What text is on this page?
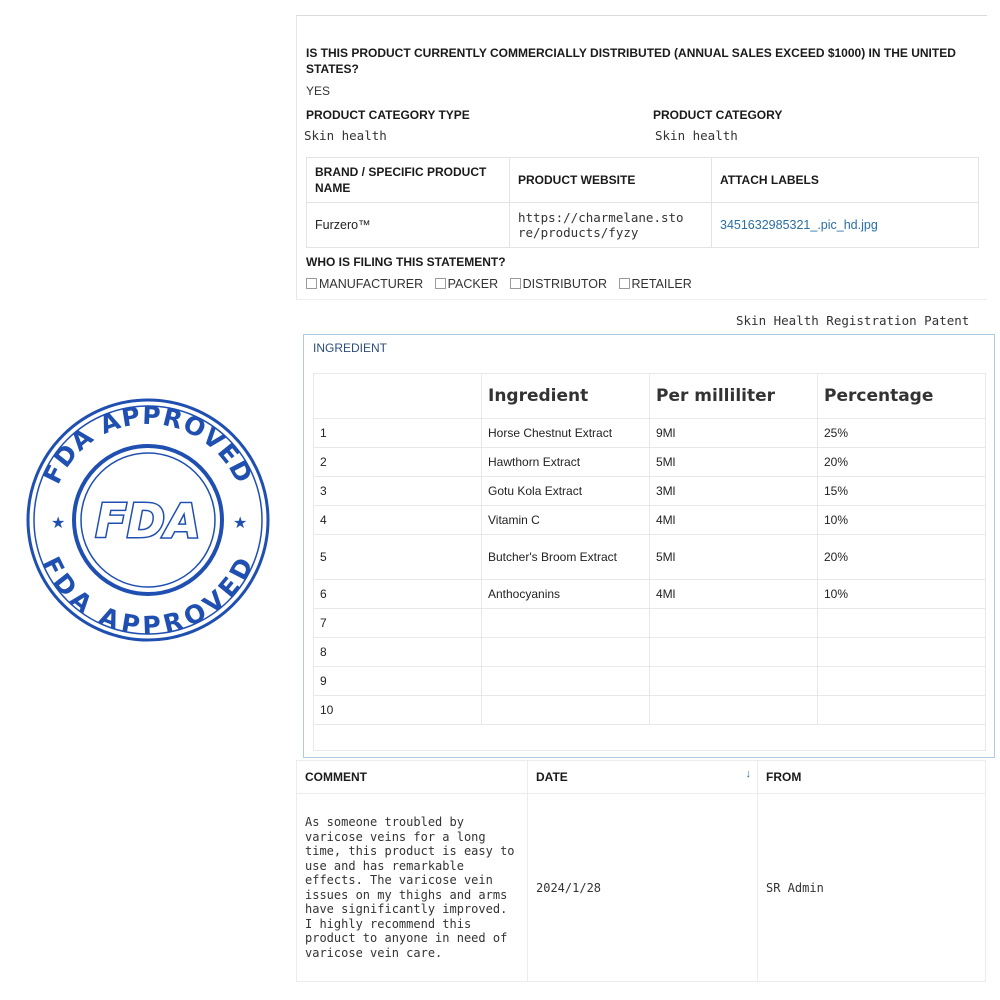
FDA APPROVED
FDA APPROVED
★	★
FDA
IS THIS PRODUCT CURRENTLY COMMERCIALLY DISTRIBUTED (ANNUAL SALES EXCEED $1000) IN THE UNITED STATES?
YES
PRODUCT CATEGORY TYPE
Skin health
PRODUCT CATEGORY
Skin health
BRAND / SPECIFIC PRODUCT NAME	PRODUCT WEBSITE	ATTACH LABELS
Furzero™	https://charmelane.store/products/fyzy	3451632985321_.pic_hd.jpg
WHO IS FILING THIS STATEMENT?
MANUFACTURER PACKER DISTRIBUTOR RETAILER
Skin Health Registration Patent
INGREDIENT
	Ingredient	Per milliliter	Percentage
1	Horse Chestnut Extract	9Ml	25%
2	Hawthorn Extract	5Ml	20%
3	Gotu Kola Extract	3Ml	15%
4	Vitamin C	4Ml	10%
5	Butcher's Broom Extract	5Ml	20%
6	Anthocyanins	4Ml	10%
7			
8			
9			
10			

COMMENT	DATE ↓	FROM
As someone troubled by varicose veins for a long time, this product is easy to use and has remarkable effects. The varicose vein issues on my thighs and arms have significantly improved. I highly recommend this product to anyone in need of varicose vein care.	2024/1/28	SR Admin
